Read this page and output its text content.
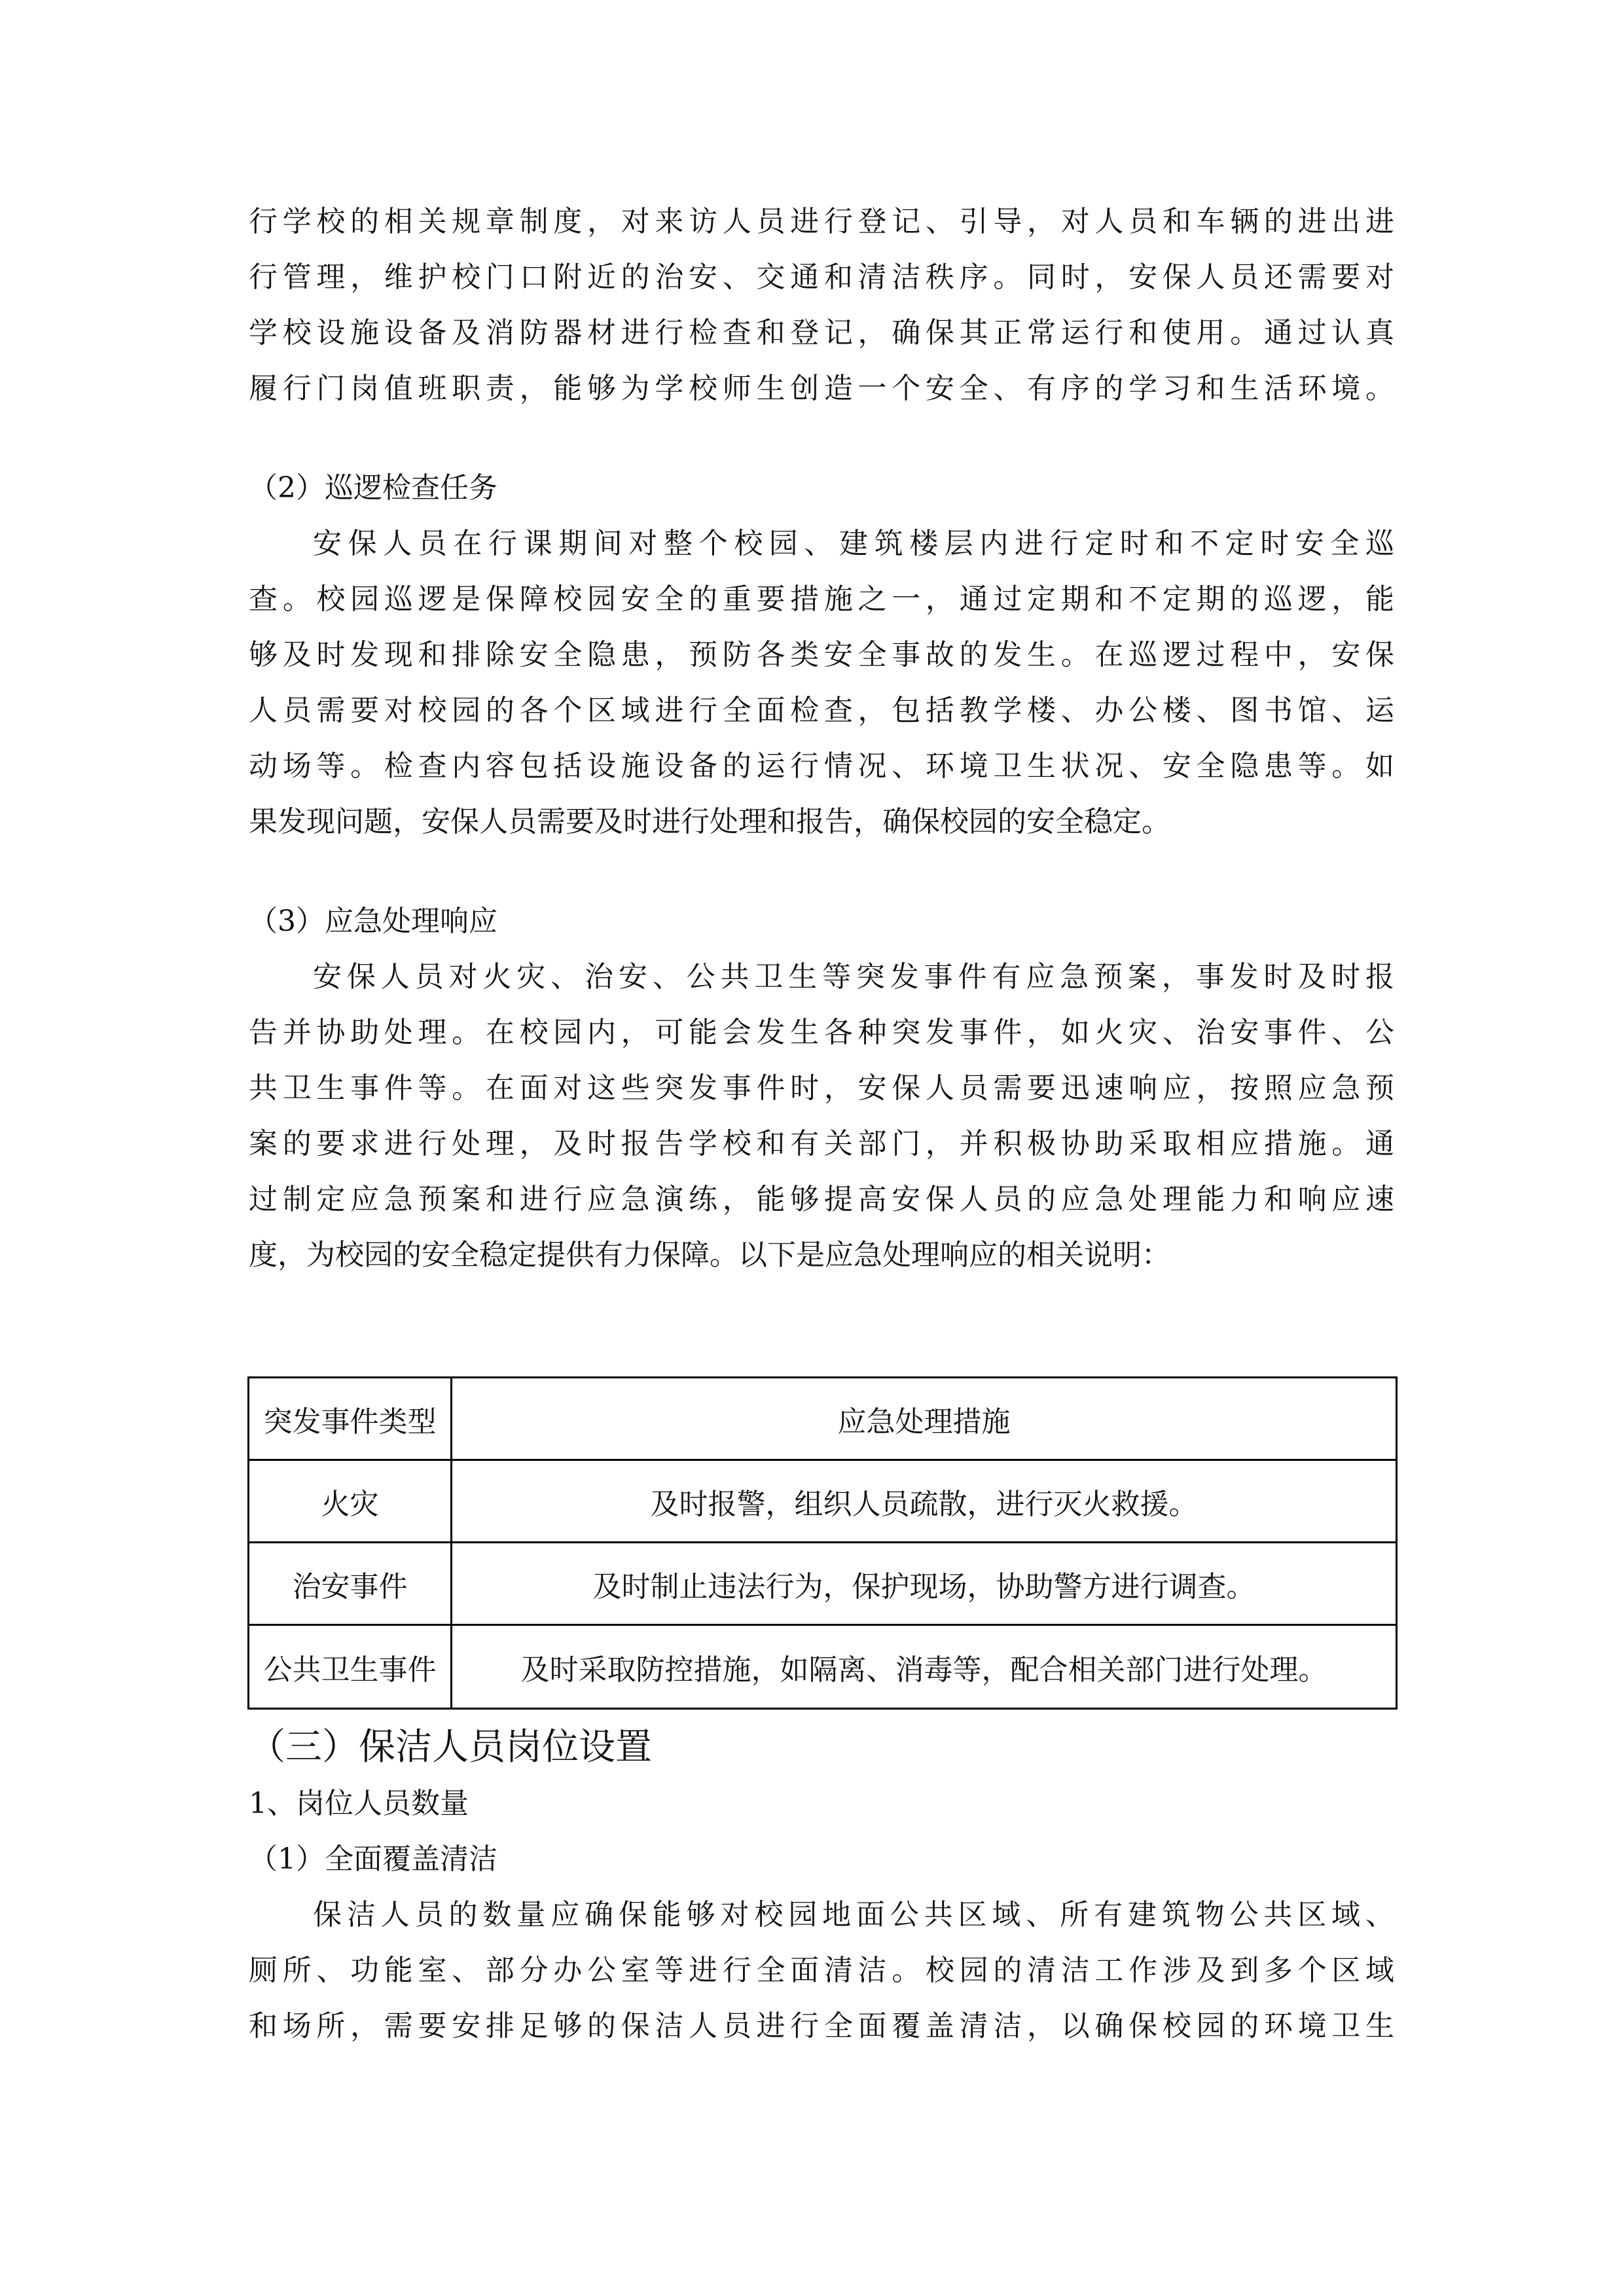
行学校的相关规章制度，对来访人员进行登记、引导，对人员和车辆的进出进
行管理，维护校门口附近的治安、交通和清洁秩序。同时，安保人员还需要对
学校设施设备及消防器材进行检查和登记，确保其正常运行和使用。通过认真
履行门岗值班职责，能够为学校师生创造一个安全、有序的学习和生活环境。
（2）巡逻检查任务
安保人员在行课期间对整个校园、建筑楼层内进行定时和不定时安全巡
查。校园巡逻是保障校园安全的重要措施之一，通过定期和不定期的巡逻，能
够及时发现和排除安全隐患，预防各类安全事故的发生。在巡逻过程中，安保
人员需要对校园的各个区域进行全面检查，包括教学楼、办公楼、图书馆、运
动场等。检查内容包括设施设备的运行情况、环境卫生状况、安全隐患等。如
果发现问题，安保人员需要及时进行处理和报告，确保校园的安全稳定。
（3）应急处理响应
安保人员对火灾、治安、公共卫生等突发事件有应急预案，事发时及时报
告并协助处理。在校园内，可能会发生各种突发事件，如火灾、治安事件、公
共卫生事件等。在面对这些突发事件时，安保人员需要迅速响应，按照应急预
案的要求进行处理，及时报告学校和有关部门，并积极协助采取相应措施。通
过制定应急预案和进行应急演练，能够提高安保人员的应急处理能力和响应速
度，为校园的安全稳定提供有力保障。以下是应急处理响应的相关说明：
突发事件类型	应急处理措施
火灾	及时报警，组织人员疏散，进行灭火救援。
治安事件	及时制止违法行为，保护现场，协助警方进行调查。
公共卫生事件	及时采取防控措施，如隔离、消毒等，配合相关部门进行处理。
（三）保洁人员岗位设置
1、岗位人员数量
（1）全面覆盖清洁
保洁人员的数量应确保能够对校园地面公共区域、所有建筑物公共区域、
厕所、功能室、部分办公室等进行全面清洁。校园的清洁工作涉及到多个区域
和场所，需要安排足够的保洁人员进行全面覆盖清洁，以确保校园的环境卫生
